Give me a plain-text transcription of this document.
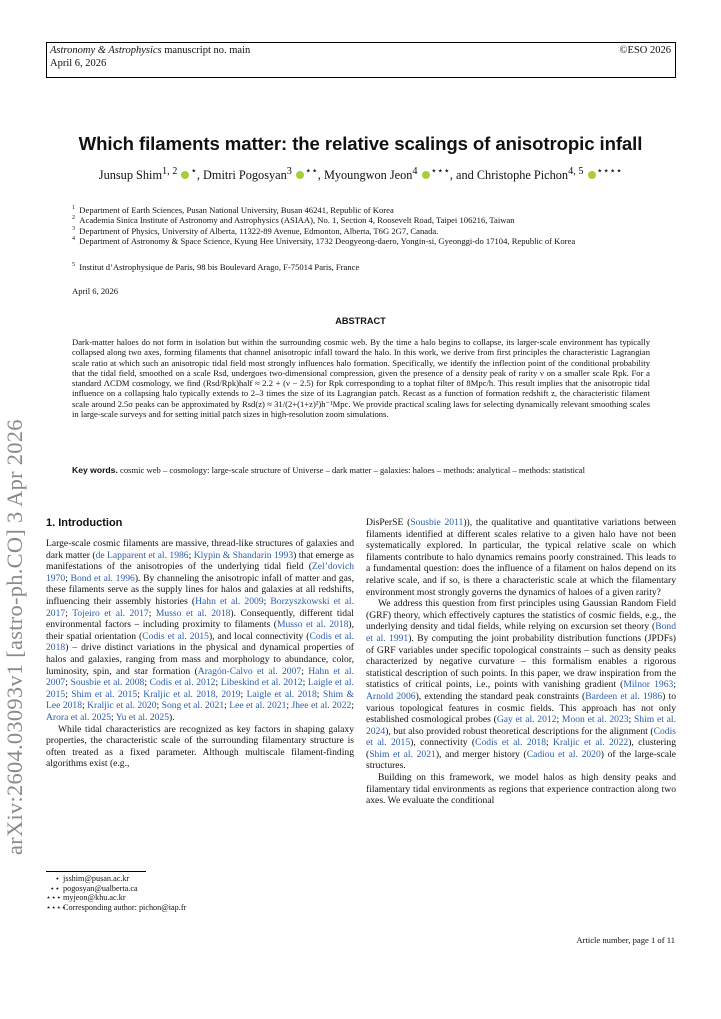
Astronomy & Astrophysics manuscript no. main
April 6, 2026
©ESO 2026
Which filaments matter: the relative scalings of anisotropic infall
Junsup Shim$^{1, 2}$ ⋆, Dmitri Pogosyan$^3$ ⋆⋆, Myoungwon Jeon$^4$ ⋆⋆⋆, and Christophe Pichon$^{4, 5}$ ⋆⋆⋆⋆
$^1$  Department of Earth Sciences, Pusan National University, Busan 46241, Republic of Korea
$^2$  Academia Sinica Institute of Astronomy and Astrophysics (ASIAA), No. 1, Section 4, Roosevelt Road, Taipei 106216, Taiwan
$^3$  Department of Physics, University of Alberta, 11322-89 Avenue, Edmonton, Alberta, T6G 2G7, Canada.
$^4$  Department of Astronomy & Space Science, Kyung Hee University, 1732 Deogyeong-daero, Yongin-si, Gyeonggi-do 17104, Republic of Korea
$^5$  Institut d’Astrophysique de Paris, 98 bis Boulevard Arago, F-75014 Paris, France
April 6, 2026
ABSTRACT
Dark-matter haloes do not form in isolation but within the surrounding cosmic web. By the time a halo begins to collapse, its larger-scale environment has typically collapsed along two axes, forming filaments that channel anisotropic infall toward the halo. In this work, we derive from first principles the characteristic Lagrangian scale ratio at which such an anisotropic tidal field most strongly influences halo formation. Specifically, we identify the inflection point of the conditional probability that the tidal field, smoothed on a scale Rsd, undergoes two-dimensional compression, given the presence of a density peak of rarity ν on a smaller scale Rpk. For a standard ΛCDM cosmology, we find (Rsd/Rpk)half ≈ 2.2 + (ν − 2.5) for Rpk corresponding to a tophat filter of 8Mpc/h. This result implies that the anisotropic tidal influence on a collapsing halo typically extends to 2–3 times the size of its Lagrangian patch. Recast as a function of formation redshift z, the characteristic filament scale around 2.5σ peaks can be approximated by Rsd(z) ≈ 31/(2+(1+z)²)h⁻¹Mpc. We provide practical scaling laws for selecting dynamically relevant smoothing scales in large-scale surveys and for setting initial patch sizes in high-resolution zoom simulations.
Key words. cosmic web – cosmology: large-scale structure of Universe – dark matter – galaxies: haloes – methods: analytical – methods: statistical
arXiv:2604.03093v1 [astro-ph.CO] 3 Apr 2026 1. Introduction

Large-scale cosmic filaments are massive, thread-like structures of galaxies and dark matter (de Lapparent et al. 1986; Klypin & Shandarin 1993) that emerge as manifestations of the anisotropies of the underlying tidal field (Zel’dovich 1970; Bond et al. 1996). By channeling the anisotropic infall of matter and gas, these filaments serve as the supply lines for halos and galaxies at all redshifts, influencing their assembly histories (Hahn et al. 2009; Borzyszkowski et al. 2017; Tojeiro et al. 2017; Musso et al. 2018). Consequently, different tidal environmental factors – including proximity to filaments (Musso et al. 2018), their spatial orientation (Codis et al. 2015), and local connectivity (Codis et al. 2018) – drive distinct variations in the physical and dynamical properties of halos and galaxies, ranging from mass and morphology to abundance, color, luminosity, spin, and star formation (Aragón-Calvo et al. 2007; Hahn et al. 2007; Sousbie et al. 2008; Codis et al. 2012; Libeskind et al. 2012; Laigle et al. 2015; Shim et al. 2015; Kraljic et al. 2018, 2019; Laigle et al. 2018; Shim & Lee 2018; Kraljic et al. 2020; Song et al. 2021; Lee et al. 2021; Jhee et al. 2022; Arora et al. 2025; Yu et al. 2025).

While tidal characteristics are recognized as key factors in shaping galaxy properties, the characteristic scale of the surrounding filamentary structure is often treated as a fixed parameter. Although multiscale filament-finding algorithms exist (e.g.,

DisPerSE (Sousbie 2011)), the qualitative and quantitative variations between filaments identified at different scales relative to a given halo have not been systematically explored. In particular, the typical relative scale on which filaments contribute to halo dynamics remains poorly constrained. This leads to a fundamental question: does the influence of a filament on halos depend on its relative scale, and if so, is there a characteristic scale at which the filamentary environment most strongly governs the dynamics of haloes of a given rarity?

We address this question from first principles using Gaussian Random Field (GRF) theory, which effectively captures the statistics of cosmic fields, e.g., the underlying density and tidal fields, while relying on excursion set theory (Bond et al. 1991). By computing the joint probability distribution functions (JPDFs) of GRF variables under specific topological constraints – such as density peaks characterized by negative curvature – this formalism enables a rigorous statistical description of such points. In this paper, we draw inspiration from the statistics of critical points, i.e., points with vanishing gradient (Milnor 1963; Arnold 2006), extending the standard peak constraints (Bardeen et al. 1986) to various topological features in cosmic fields. This approach has not only established cosmological probes (Gay et al. 2012; Moon et al. 2023; Shim et al. 2024), but also provided robust theoretical descriptions for the alignment (Codis et al. 2015), connectivity (Codis et al. 2018; Kraljic et al. 2022), clustering (Shim et al. 2021), and merger history (Cadiou et al. 2020) of the large-scale structures.

Building on this framework, we model halos as high density peaks and filamentary tidal environments as regions that experience contraction along two axes. We evaluate the conditional

⋆ jsshim@pusan.ac.kr
⋆⋆ pogosyan@ualberta.ca
⋆⋆⋆ myjeon@khu.ac.kr
⋆⋆⋆⋆Corresponding author: pichon@iap.fr
Article number, page 1 of 11
